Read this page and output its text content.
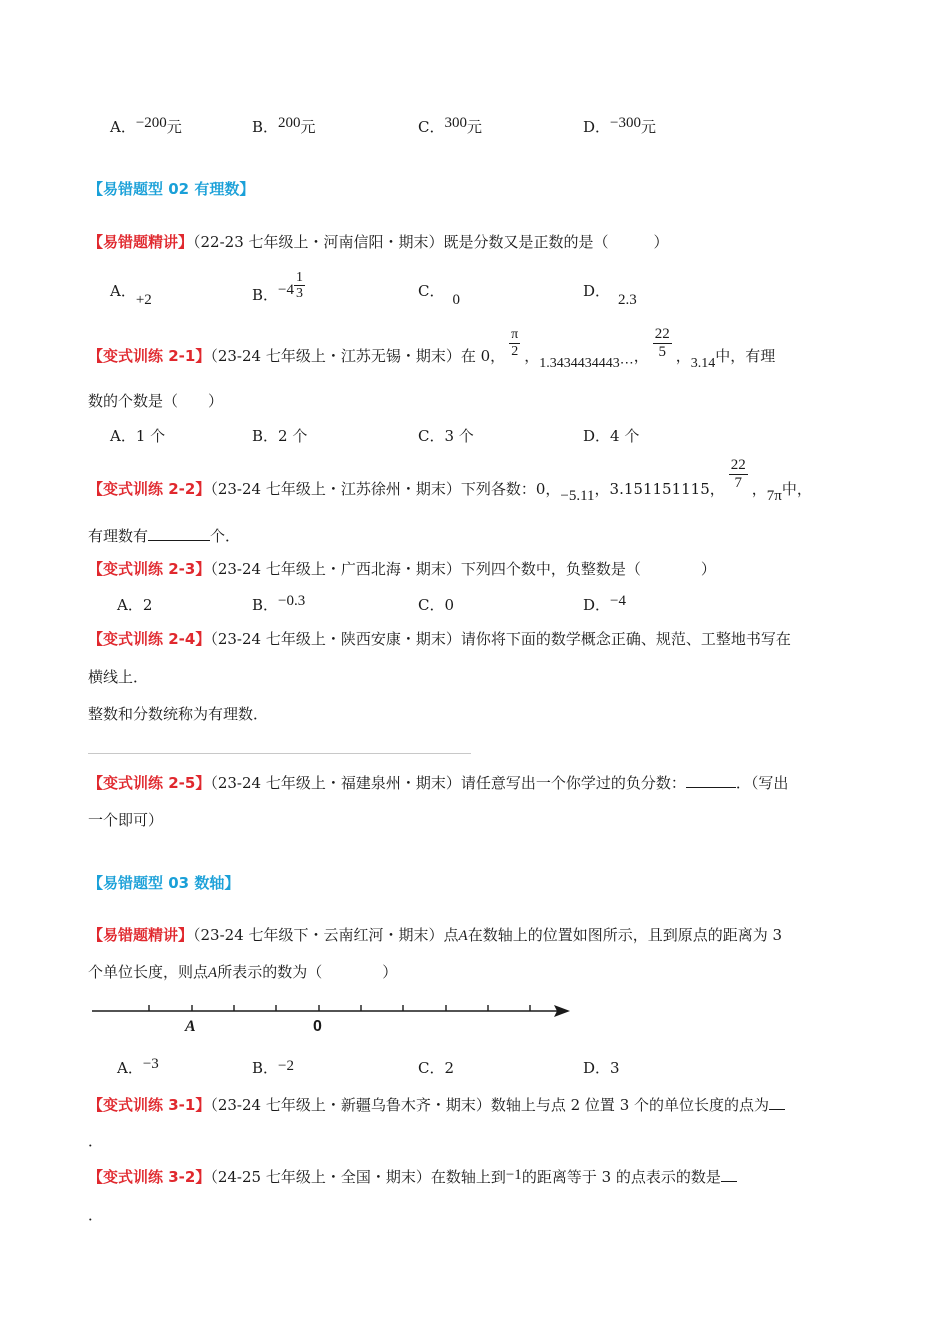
A．−200元	B．200元	C．300元	D．−300元
【易错题型 02 有理数】
【易错题精讲】（22-23 七年级上・河南信阳・期末）既是分数又是正数的是（　　　）
A．+2	B．$-4 \frac{1}{3}$	C． 0	D． 2.3
【变式训练 2-1】（23-24 七年级上・江苏无锡・期末）在 0， $\frac{\pi}{2}$ ，1.3434434443⋯， $\frac{22}{5}$ ，3.14中，有理
数的个数是（　　）
A．1 个	B．2 个	C．3 个	D．4 个
【变式训练 2-2】（23-24 七年级上・江苏徐州・期末）下列各数：0，−5.11，3.151151115， $\frac{22}{7}$ ，7π中，
有理数有	个．
【变式训练 2-3】（23-24 七年级上・广西北海・期末）下列四个数中，负整数是（　　　　）
A．2	B．−0.3	C．0	D．−4
【变式训练 2-4】（23-24 七年级上・陕西安康・期末）请你将下面的数学概念正确、规范、工整地书写在
横线上．
整数和分数统称为有理数．
【变式训练 2-5】（23-24 七年级上・福建泉州・期末）请任意写出一个你学过的负分数：	．（写出
一个即可）
【易错题型 03 数轴】
【易错题精讲】（23-24 七年级下・云南红河・期末）点A在数轴上的位置如图所示，且到原点的距离为 3
个单位长度，则点A所表示的数为（　　　　）
A	0
A．−3	B．−2	C．2	D．3
【变式训练 3-1】（23-24 七年级上・新疆乌鲁木齐・期末）数轴上与点 2 位置 3 个的单位长度的点为
．
【变式训练 3-2】（24-25 七年级上・全国・期末）在数轴上到−1的距离等于 3 的点表示的数是
．
